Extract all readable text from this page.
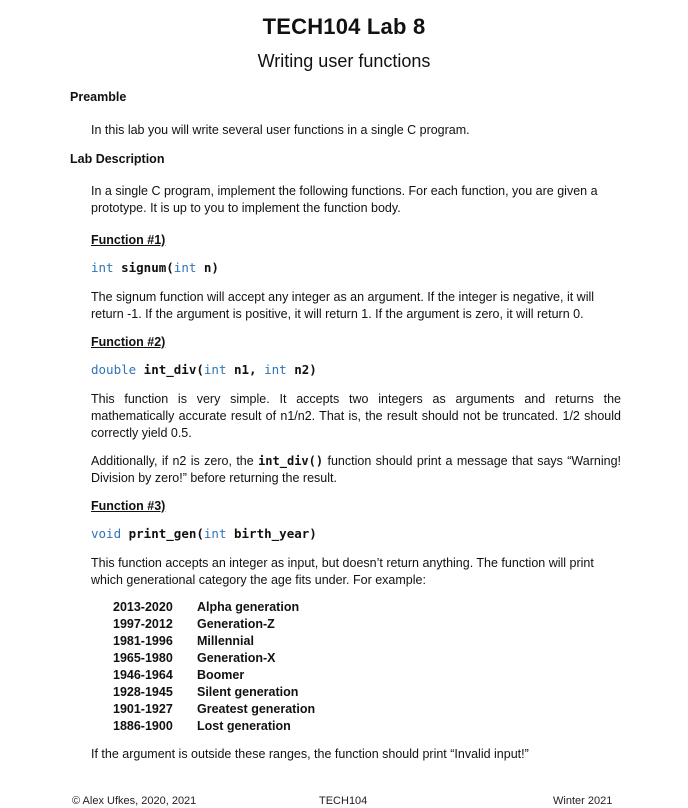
TECH104 Lab 8
Writing user functions
Preamble
In this lab you will write several user functions in a single C program.
Lab Description
In a single C program, implement the following functions. For each function, you are given a prototype. It is up to you to implement the function body.
Function #1)
int signum(int n)
The signum function will accept any integer as an argument. If the integer is negative, it will return -1. If the argument is positive, it will return 1. If the argument is zero, it will return 0.
Function #2)
double int_div(int n1, int n2)
This function is very simple. It accepts two integers as arguments and returns the mathematically accurate result of n1/n2. That is, the result should not be truncated. 1/2 should correctly yield 0.5.
Additionally, if n2 is zero, the int_div() function should print a message that says “Warning! Division by zero!” before returning the result.
Function #3)
void print_gen(int birth_year)
This function accepts an integer as input, but doesn’t return anything. The function will print which generational category the age fits under. For example:
2013-2020 Alpha generation
1997-2012 Generation-Z
1981-1996 Millennial
1965-1980 Generation-X
1946-1964 Boomer
1928-1945 Silent generation
1901-1927 Greatest generation
1886-1900 Lost generation
If the argument is outside these ranges, the function should print “Invalid input!”
© Alex Ufkes, 2020, 2021	TECH104	Winter 2021
